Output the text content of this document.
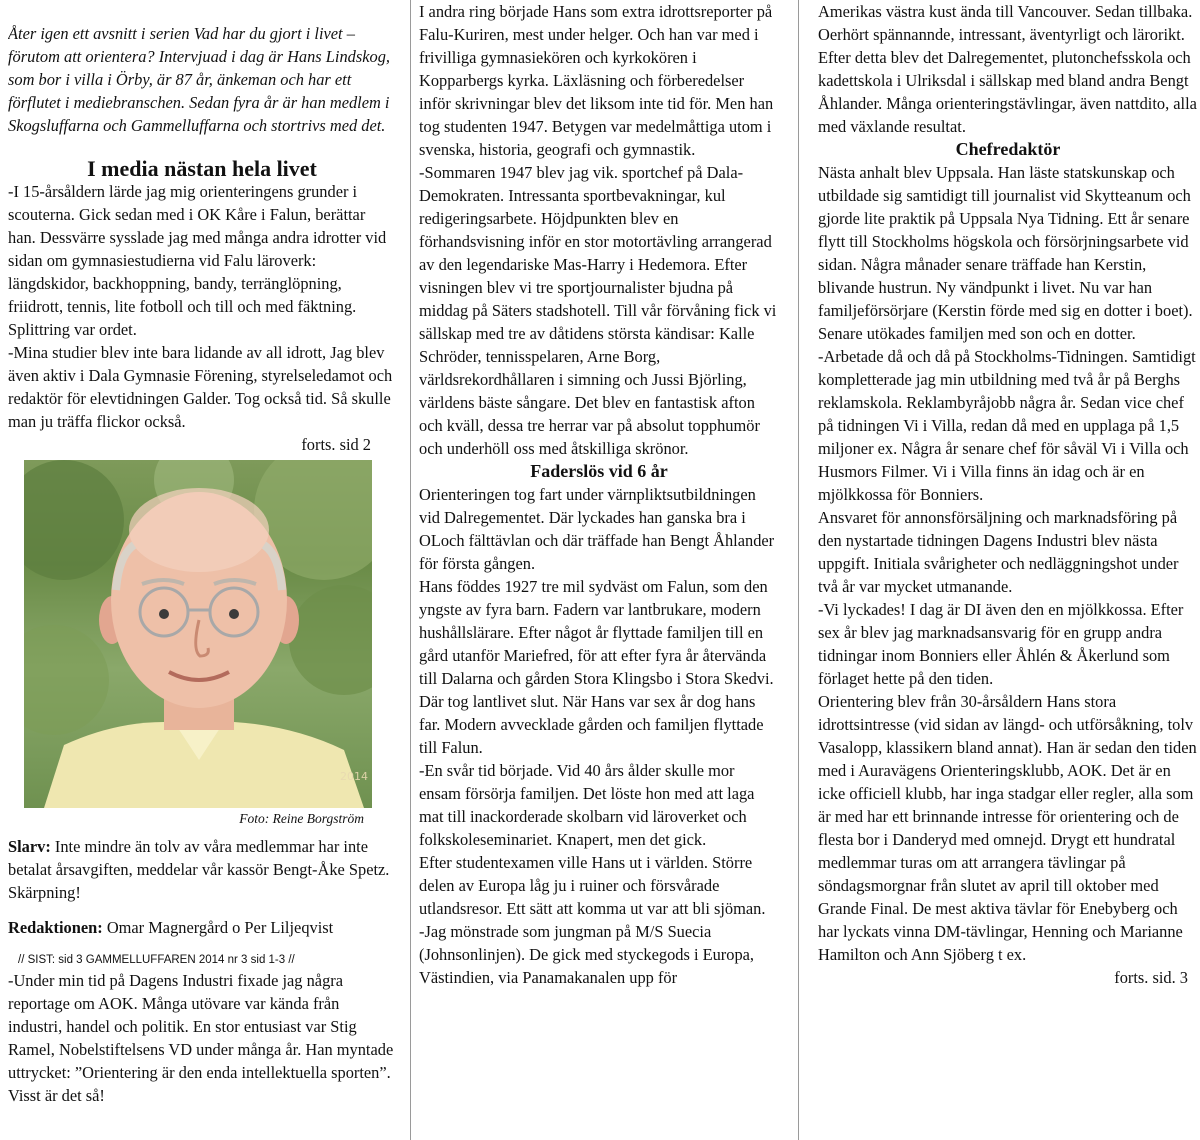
Åter igen ett avsnitt i serien Vad har du gjort i livet – förutom att orientera? Intervjuad i dag är Hans Lindskog, som bor i villa i Örby, är 87 år, änkeman och har ett förflutet i mediebranschen. Sedan fyra år är han medlem i Skogsluffarna och Gammelluffarna och stortrivs med det.

I media nästan hela livet

-I 15-årsåldern lärde jag mig orienteringens grunder i scouterna. Gick sedan med i OK Kåre i Falun, berättar han. Dessvärre sysslade jag med många andra idrotter vid sidan om gymnasiestudierna vid Falu läroverk: längdskidor, backhoppning, bandy, terränglöpning, friidrott, tennis, lite fotboll och till och med fäktning. Splittring var ordet.

-Mina studier blev inte bara lidande av all idrott, Jag blev även aktiv i Dala Gymnasie Förening, styrelseledamot och redaktör för elevtidningen Galder. Tog också tid. Så skulle man ju träffa flickor också.

forts. sid 2

2014

Foto: Reine Borgström

Slarv: Inte mindre än tolv av våra medlemmar har inte betalat årsavgiften, meddelar vår kassör Bengt-Åke Spetz. Skärpning!

Redaktionen: Omar Magnergård o Per Liljeqvist

// SIST: sid 3 GAMMELLUFFAREN 2014 nr 3 sid 1-3 //

-Under min tid på Dagens Industri fixade jag några reportage om AOK. Många utövare var kända från industri, handel och politik. En stor entusiast var Stig Ramel, Nobelstiftelsens VD under många år. Han myntade uttrycket: ”Orientering är den enda intellektuella sporten”. Visst är det så!

I andra ring började Hans som extra idrottsreporter på Falu-Kuriren, mest under helger. Och han var med i frivilliga gymnasiekören och kyrkokören i Kopparbergs kyrka. Läxläsning och förberedelser inför skrivningar blev det liksom inte tid för. Men han tog studenten 1947. Betygen var medelmåttiga utom i svenska, historia, geografi och gymnastik.

-Sommaren 1947 blev jag vik. sportchef på Dala-Demokraten. Intressanta sportbevakningar, kul redigeringsarbete. Höjdpunkten blev en förhandsvisning inför en stor motortävling arrangerad av den legendariske Mas-Harry i Hedemora. Efter visningen blev vi tre sportjournalister bjudna på middag på Säters stadshotell. Till vår förvåning fick vi sällskap med tre av dåtidens största kändisar: Kalle Schröder, tennisspelaren, Arne Borg, världsrekordhållaren i simning och Jussi Björling, världens bäste sångare. Det blev en fantastisk afton och kväll, dessa tre herrar var på absolut topphumör och underhöll oss med åtskilliga skrönor.

Faderslös vid 6 år

Orienteringen tog fart under värnpliktsutbildningen vid Dalregementet. Där lyckades han ganska bra i OLoch fälttävlan och där träffade han Bengt Åhlander för första gången.

Hans föddes 1927 tre mil sydväst om Falun, som den yngste av fyra barn. Fadern var lantbrukare, modern hushållslärare. Efter något år flyttade familjen till en gård utanför Mariefred, för att efter fyra år återvända till Dalarna och gården Stora Klingsbo i Stora Skedvi. Där tog lantlivet slut. När Hans var sex år dog hans far. Modern avvecklade gården och familjen flyttade till Falun.

-En svår tid började. Vid 40 års ålder skulle mor ensam försörja familjen. Det löste hon med att laga mat till inackorderade skolbarn vid läroverket och folkskoleseminariet. Knapert, men det gick.

Efter studentexamen ville Hans ut i världen. Större delen av Europa låg ju i ruiner och försvårade utlandsresor. Ett sätt att komma ut var att bli sjöman.

-Jag mönstrade som jungman på M/S Suecia (Johnsonlinjen). De gick med styckegods i Europa, Västindien, via Panamakanalen upp för

Amerikas västra kust ända till Vancouver. Sedan tillbaka. Oerhört spännannde, intressant, äventyrligt och lärorikt.

Efter detta blev det Dalregementet, plutonchefsskola och kadettskola i Ulriksdal i sällskap med bland andra Bengt Åhlander. Många orienteringstävlingar, även nattdito, alla med växlande resultat.

Chefredaktör

Nästa anhalt blev Uppsala. Han läste statskunskap och utbildade sig samtidigt till journalist vid Skytteanum och gjorde lite praktik på Uppsala Nya Tidning. Ett år senare flytt till Stockholms högskola och försörjningsarbete vid sidan. Några månader senare träffade han Kerstin, blivande hustrun. Ny vändpunkt i livet. Nu var han familjeförsörjare (Kerstin förde med sig en dotter i boet). Senare utökades familjen med son och en dotter.

-Arbetade då och då på Stockholms-Tidningen. Samtidigt kompletterade jag min utbildning med två år på Berghs reklamskola. Reklambyråjobb några år. Sedan vice chef på tidningen Vi i Villa, redan då med en upplaga på 1,5 miljoner ex. Några år senare chef för såväl Vi i Villa och Husmors Filmer. Vi i Villa finns än idag och är en mjölkkossa för Bonniers.

Ansvaret för annonsförsäljning och marknadsföring på den nystartade tidningen Dagens Industri blev nästa uppgift. Initiala svårigheter och nedläggningshot under två år var mycket utmanande.

-Vi lyckades! I dag är DI även den en mjölkkossa. Efter sex år blev jag marknadsansvarig för en grupp andra tidningar inom Bonniers eller Åhlén & Åkerlund som förlaget hette på den tiden.

Orientering blev från 30-årsåldern Hans stora idrottsintresse (vid sidan av längd- och utförsåkning, tolv Vasalopp, klassikern bland annat). Han är sedan den tiden med i Auravägens Orienteringsklubb, AOK. Det är en icke officiell klubb, har inga stadgar eller regler, alla som är med har ett brinnande intresse för orientering och de flesta bor i Danderyd med omnejd. Drygt ett hundratal medlemmar turas om att arrangera tävlingar på söndagsmorgnar från slutet av april till oktober med Grande Final. De mest aktiva tävlar för Enebyberg och har lyckats vinna DM-tävlingar, Henning och Marianne Hamilton och Ann Sjöberg t ex.

forts. sid. 3
